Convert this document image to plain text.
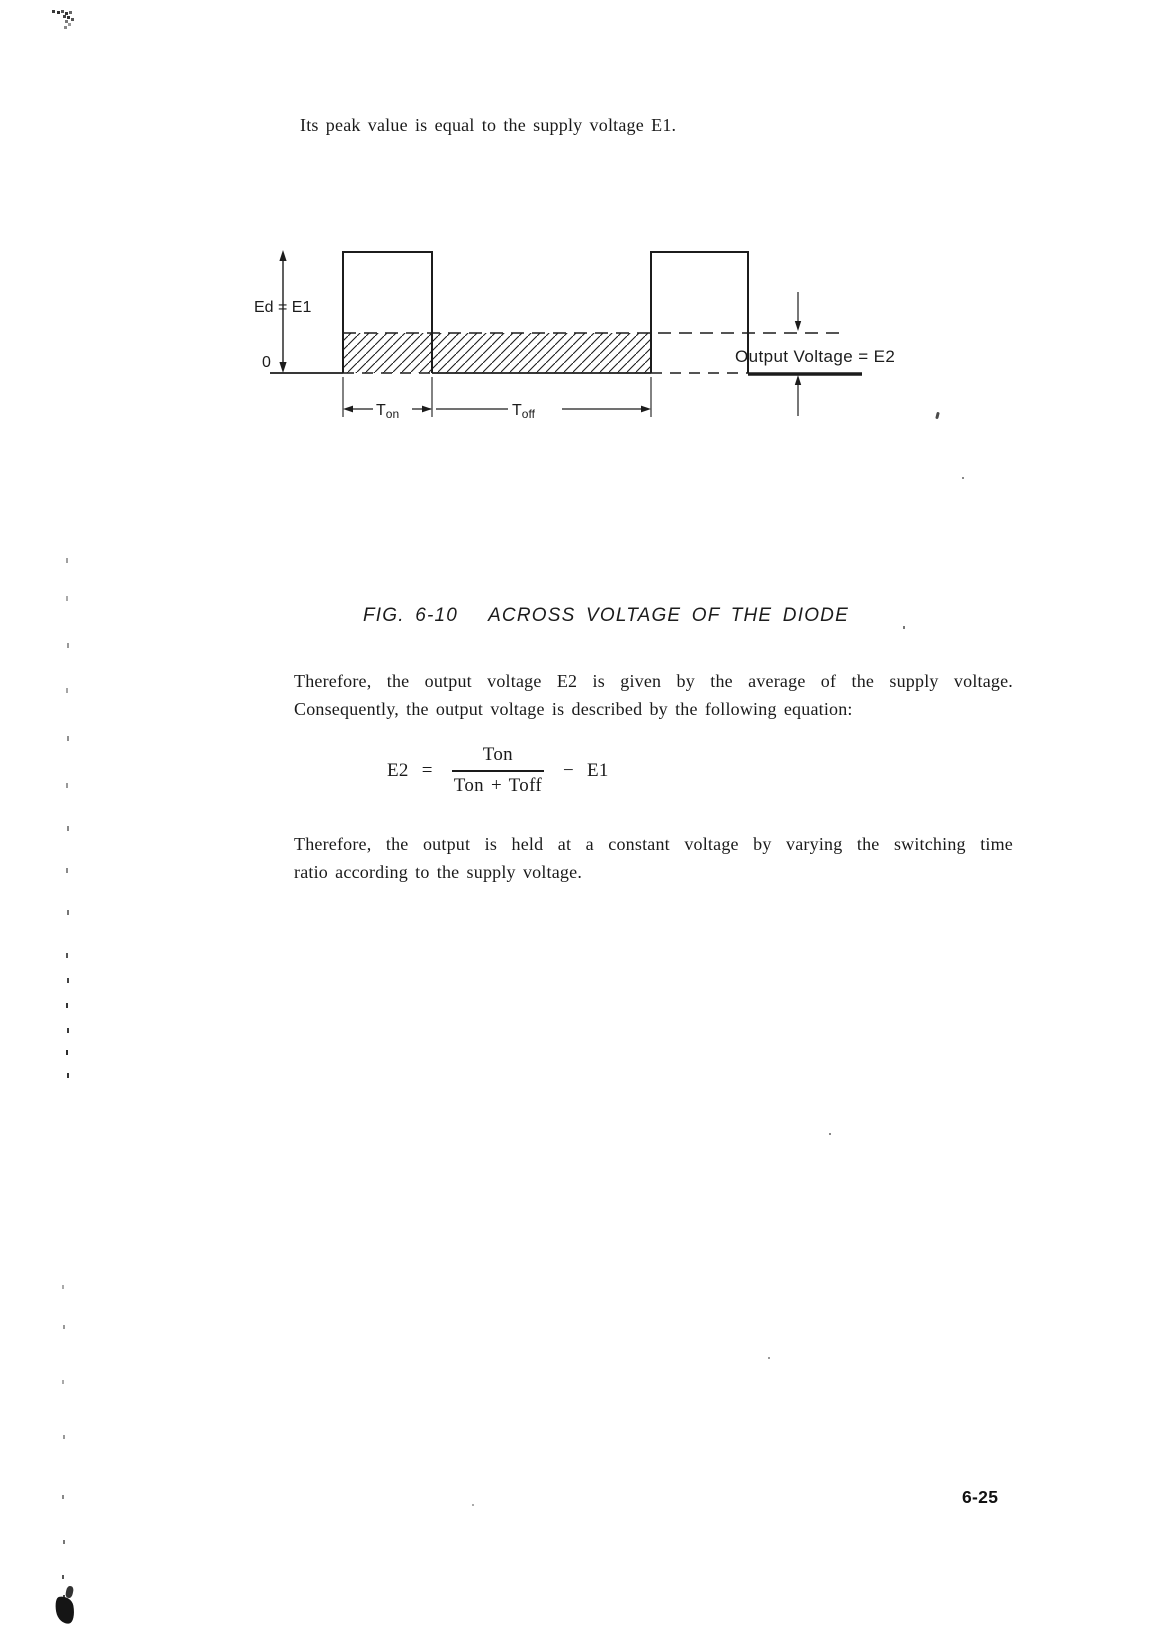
Its peak value is equal to the supply voltage E1.
Ed = E1
0	Output Voltage = E2
Ton	Toff
FIG. 6-10 ACROSS VOLTAGE OF THE DIODE
Therefore, the output voltage E2 is given by the average of the supply voltage.
Consequently, the output voltage is described by the following equation:
$E2 = \frac{\text{Ton}}{\text{Ton + Toff}} - E1$
Therefore, the output is held at a constant voltage by varying the switching time
ratio according to the supply voltage.
6-25
